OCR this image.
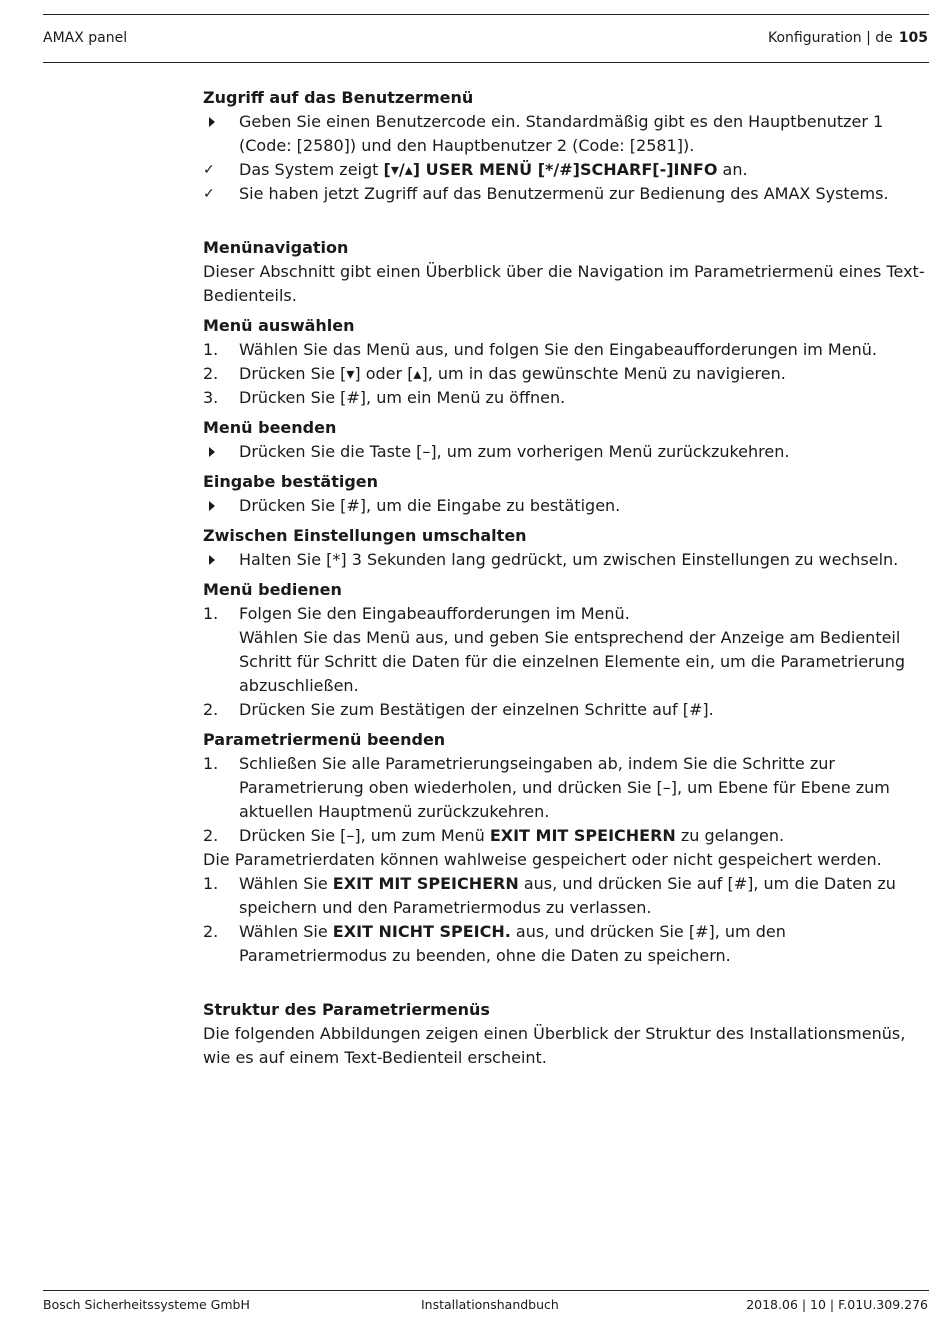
AMAX panel	Konfiguration | de 105
Zugriff auf das Benutzermenü
Geben Sie einen Benutzercode ein. Standardmäßig gibt es den Hauptbenutzer 1 (Code: [2580]) und den Hauptbenutzer 2 (Code: [2581]).
✓	Das System zeigt [▾/▴] USER MENÜ [*/#]SCHARF[-]INFO an.
✓	Sie haben jetzt Zugriff auf das Benutzermenü zur Bedienung des AMAX Systems.
Menünavigation
Dieser Abschnitt gibt einen Überblick über die Navigation im Parametriermenü eines Text-Bedienteils.
Menü auswählen
1.	Wählen Sie das Menü aus, und folgen Sie den Eingabeaufforderungen im Menü.
2.	Drücken Sie [▾] oder [▴], um in das gewünschte Menü zu navigieren.
3.	Drücken Sie [#], um ein Menü zu öffnen.
Menü beenden
Drücken Sie die Taste [–], um zum vorherigen Menü zurückzukehren.
Eingabe bestätigen
Drücken Sie [#], um die Eingabe zu bestätigen.
Zwischen Einstellungen umschalten
Halten Sie [*] 3 Sekunden lang gedrückt, um zwischen Einstellungen zu wechseln.
Menü bedienen
1.	Folgen Sie den Eingabeaufforderungen im Menü.
Wählen Sie das Menü aus, und geben Sie entsprechend der Anzeige am Bedienteil Schritt für Schritt die Daten für die einzelnen Elemente ein, um die Parametrierung abzuschließen.
2.	Drücken Sie zum Bestätigen der einzelnen Schritte auf [#].
Parametriermenü beenden
1.	Schließen Sie alle Parametrierungseingaben ab, indem Sie die Schritte zur Parametrierung oben wiederholen, und drücken Sie [–], um Ebene für Ebene zum aktuellen Hauptmenü zurückzukehren.
2.	Drücken Sie [–], um zum Menü EXIT MIT SPEICHERN zu gelangen.
Die Parametrierdaten können wahlweise gespeichert oder nicht gespeichert werden.
1.	Wählen Sie EXIT MIT SPEICHERN aus, und drücken Sie auf [#], um die Daten zu speichern und den Parametriermodus zu verlassen.
2.	Wählen Sie EXIT NICHT SPEICH. aus, und drücken Sie [#], um den Parametriermodus zu beenden, ohne die Daten zu speichern.
Struktur des Parametriermenüs
Die folgenden Abbildungen zeigen einen Überblick der Struktur des Installationsmenüs, wie es auf einem Text-Bedienteil erscheint.
Bosch Sicherheitssysteme GmbH	Installationshandbuch	2018.06 | 10 | F.01U.309.276
